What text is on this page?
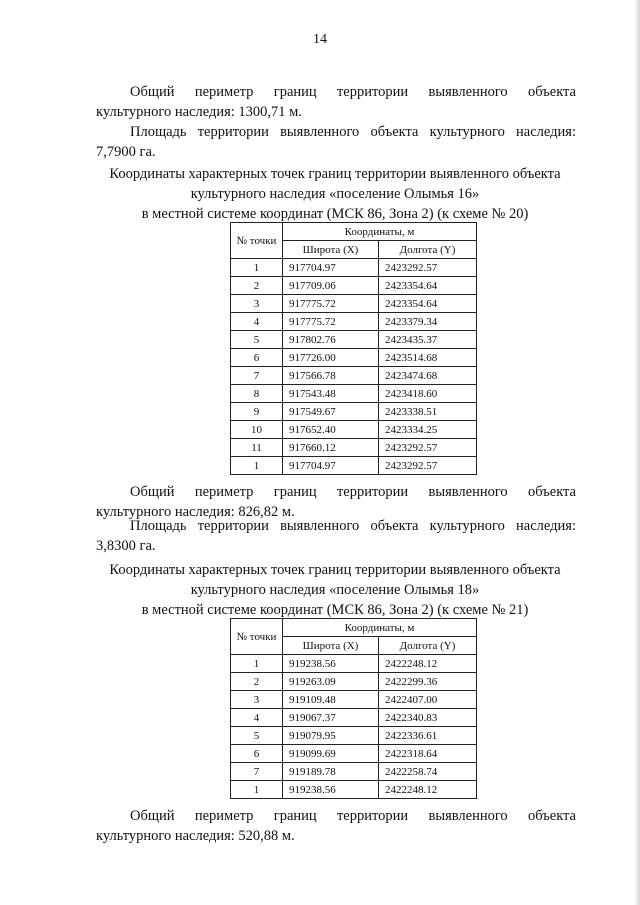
14

Общий периметр границ территории выявленного объекта
культурного наследия: 1300,71 м.

Площадь территории выявленного объекта культурного наследия:
7,7900 га.

Координаты характерных точек границ территории выявленного объекта
культурного наследия «поселение Олымья 16»
в местной системе координат (МСК 86, Зона 2) (к схеме № 20)
№ точки	Координаты, м	
	Широта (X)	Долгота (Y)
1	917704.97	2423292.57
2	917709.06	2423354.64
3	917775.72	2423354.64
4	917775.72	2423379.34
5	917802.76	2423435.37
6	917726.00	2423514.68
7	917566.78	2423474.68
8	917543.48	2423418.60
9	917549.67	2423338.51
10	917652.40	2423334.25
11	917660.12	2423292.57
1	917704.97	2423292.57

Общий периметр границ территории выявленного объекта
культурного наследия: 826,82 м.

Площадь территории выявленного объекта культурного наследия:
3,8300 га.

Координаты характерных точек границ территории выявленного объекта
культурного наследия «поселение Олымья 18»
в местной системе координат (МСК 86, Зона 2) (к схеме № 21)
№ точки	Координаты, м	
	Широта (X)	Долгота (Y)
1	919238.56	2422248.12
2	919263.09	2422299.36
3	919109.48	2422407.00
4	919067.37	2422340.83
5	919079.95	2422336.61
6	919099.69	2422318.64
7	919189.78	2422258.74
1	919238.56	2422248.12

Общий периметр границ территории выявленного объекта
культурного наследия: 520,88 м.
